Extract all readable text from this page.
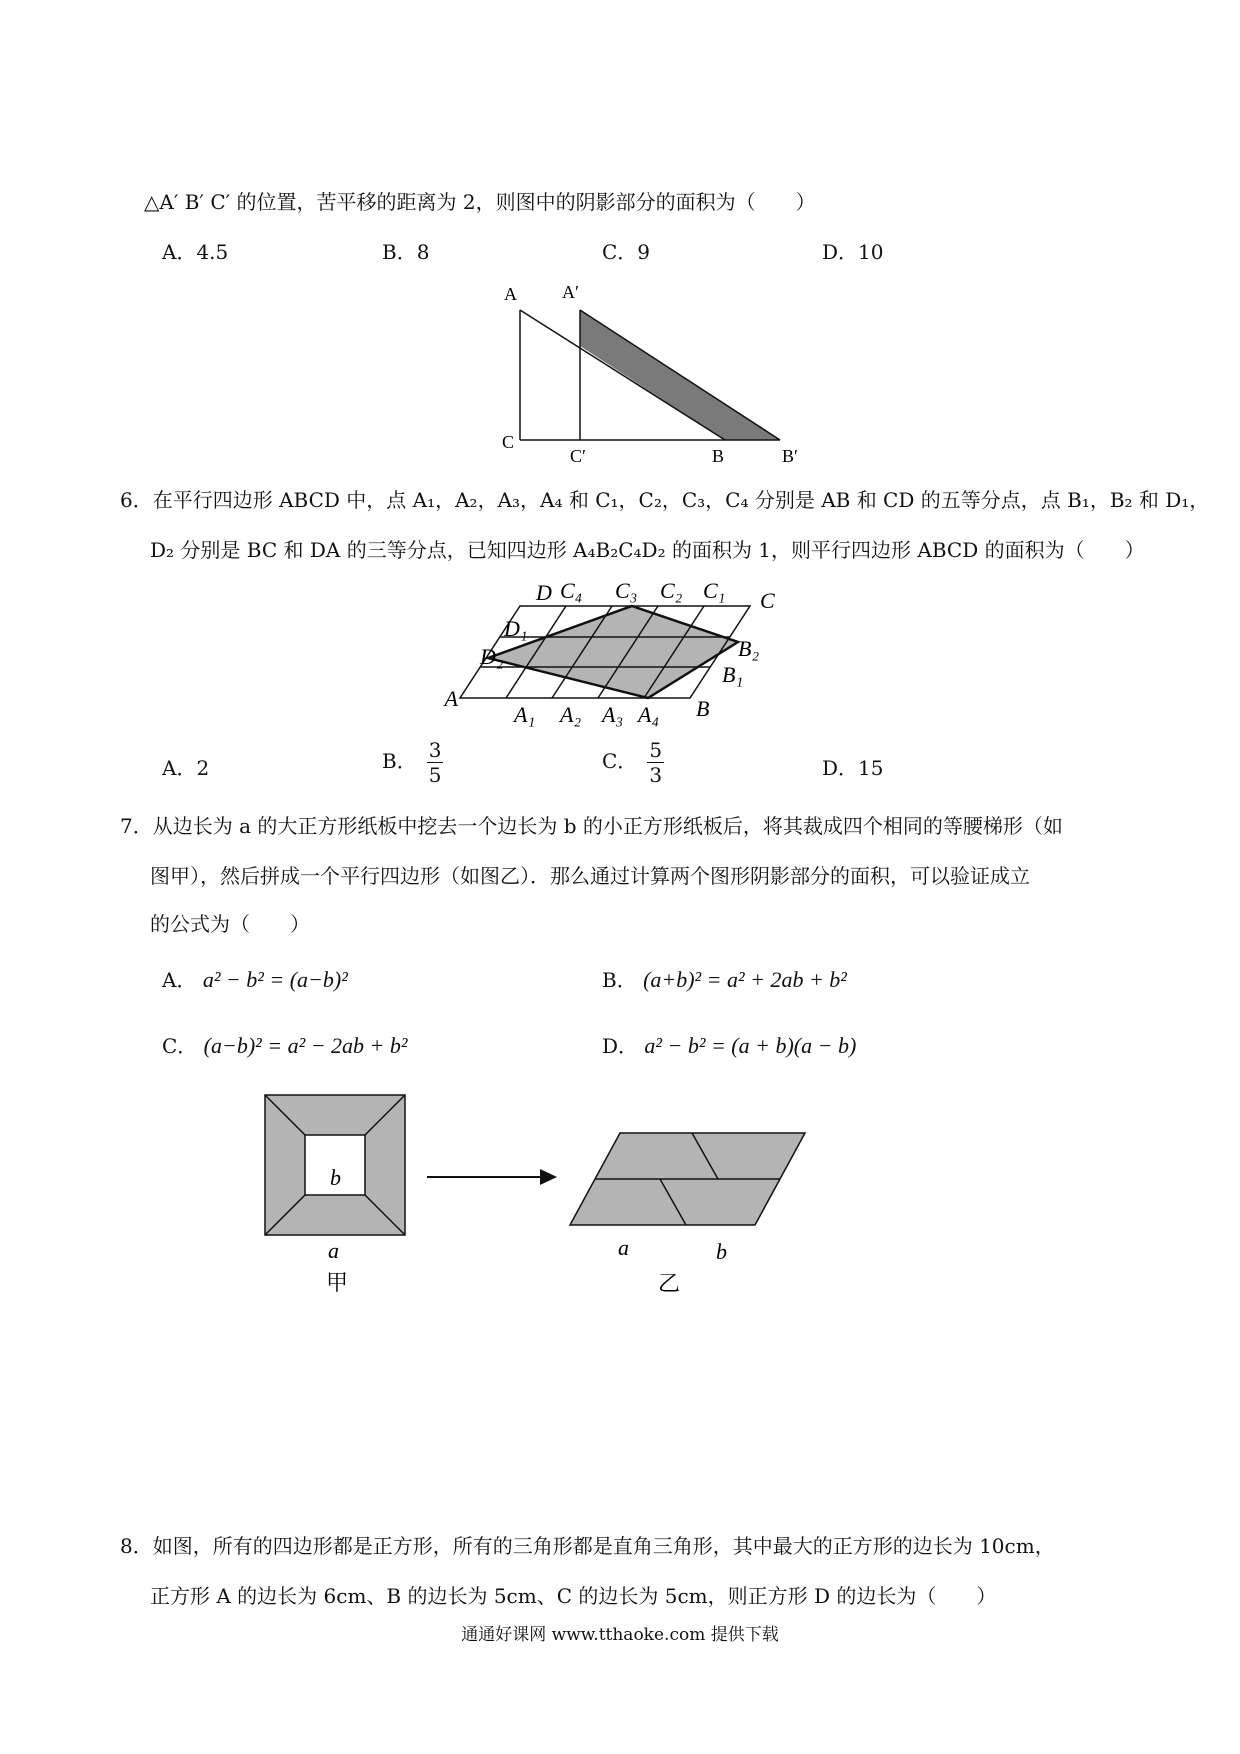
△A′ B′ C′ 的位置，苦平移的距离为 2，则图中的阴影部分的面积为（　　）
A．4.5	B．8	C．9	D．10
A	A′
C
C′	B	B′
6．在平行四边形 ABCD 中，点 A₁，A₂，A₃，A₄ 和 C₁，C₂，C₃，C₄ 分别是 AB 和 CD 的五等分点，点 B₁，B₂ 和 D₁，
D₂ 分别是 BC 和 DA 的三等分点，已知四边形 A₄B₂C₄D₂ 的面积为 1，则平行四边形 ABCD 的面积为（　　）
D C₄ C₃ C₂ C₁ C
D₁
D₂	B₂
B₁
A
A₁ A₂ A₃ A₄ B
A．2	B． $\frac{3}{5}$	C． $\frac{5}{3}$	D．15
7．从边长为 a 的大正方形纸板中挖去一个边长为 b 的小正方形纸板后，将其裁成四个相同的等腰梯形（如
图甲），然后拼成一个平行四边形（如图乙）．那么通过计算两个图形阴影部分的面积，可以验证成立
的公式为（　　）
A． a² − b² = (a−b)²	B． (a+b)² = a² + 2ab + b²
C． (a−b)² = a² − 2ab + b²	D． a² − b² = (a + b)(a − b)
b
a
甲
a	b
乙
8．如图，所有的四边形都是正方形，所有的三角形都是直角三角形，其中最大的正方形的边长为 10cm，
正方形 A 的边长为 6cm、B 的边长为 5cm、C 的边长为 5cm，则正方形 D 的边长为（　　）
通通好课网 www.tthaoke.com 提供下载
